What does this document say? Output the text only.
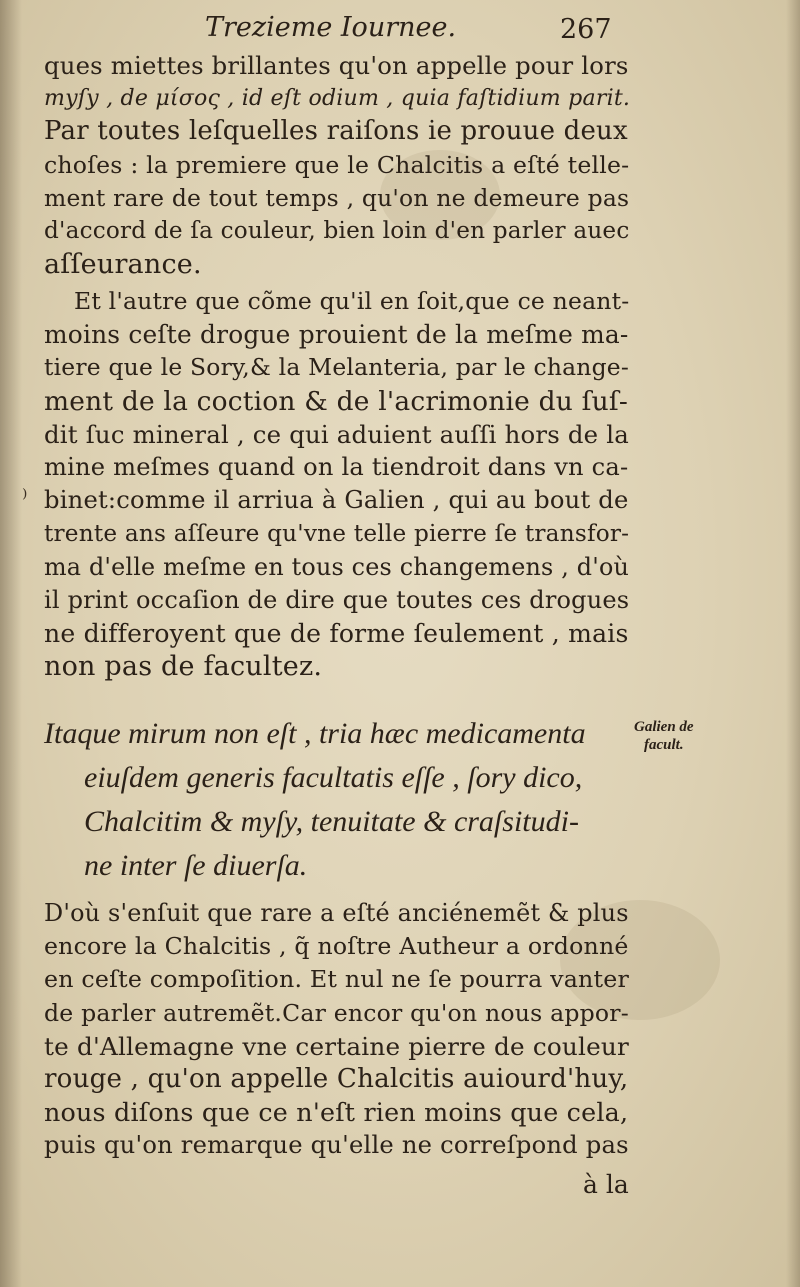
Trezieme Iournee.	267
ques miettes brillantes qu'on appelle pour lors
myſy , de μίσος , id eſt odium , quia faſtidium parit.
Par toutes leſquelles raiſons ie prouue deux
choſes : la premiere que le Chalcitis a eſté telle-
ment rare de tout temps , qu'on ne demeure pas
d'accord de ſa couleur, bien loin d'en parler auec
aſſeurance.
Et l'autre que cõme qu'il en ſoit,que ce neant-
moins ceſte drogue prouient de la meſme ma-
tiere que le Sory,& la Melanteria, par le change-
ment de la coction & de l'acrimonie du ſuſ-
dit ſuc mineral , ce qui aduient auſſi hors de la
mine meſmes quand on la tiendroit dans vn ca-
binet:comme il arriua à Galien , qui au bout de
trente ans aſſeure qu'vne telle pierre ſe transfor-
ma d'elle meſme en tous ces changemens , d'où
il print occaſion de dire que toutes ces drogues
ne differoyent que de forme ſeulement , mais
non pas de facultez.
⁾
Itaque mirum non eſt , tria hæc medicamenta
eiuſdem generis facultatis eſſe , ſory dico,
Chalcitim & myſy, tenuitate & craſsitudi-
ne inter ſe diuerſa.
Galien de
facult.
D'où s'enſuit que rare a eſté anciénemẽt & plus
encore la Chalcitis , q̃ noſtre Autheur a ordonné
en ceſte compoſition. Et nul ne ſe pourra vanter
de parler autremẽt.Car encor qu'on nous appor-
te d'Allemagne vne certaine pierre de couleur
rouge , qu'on appelle Chalcitis auiourd'huy,
nous diſons que ce n'eſt rien moins que cela,
puis qu'on remarque qu'elle ne correſpond pas
à la
